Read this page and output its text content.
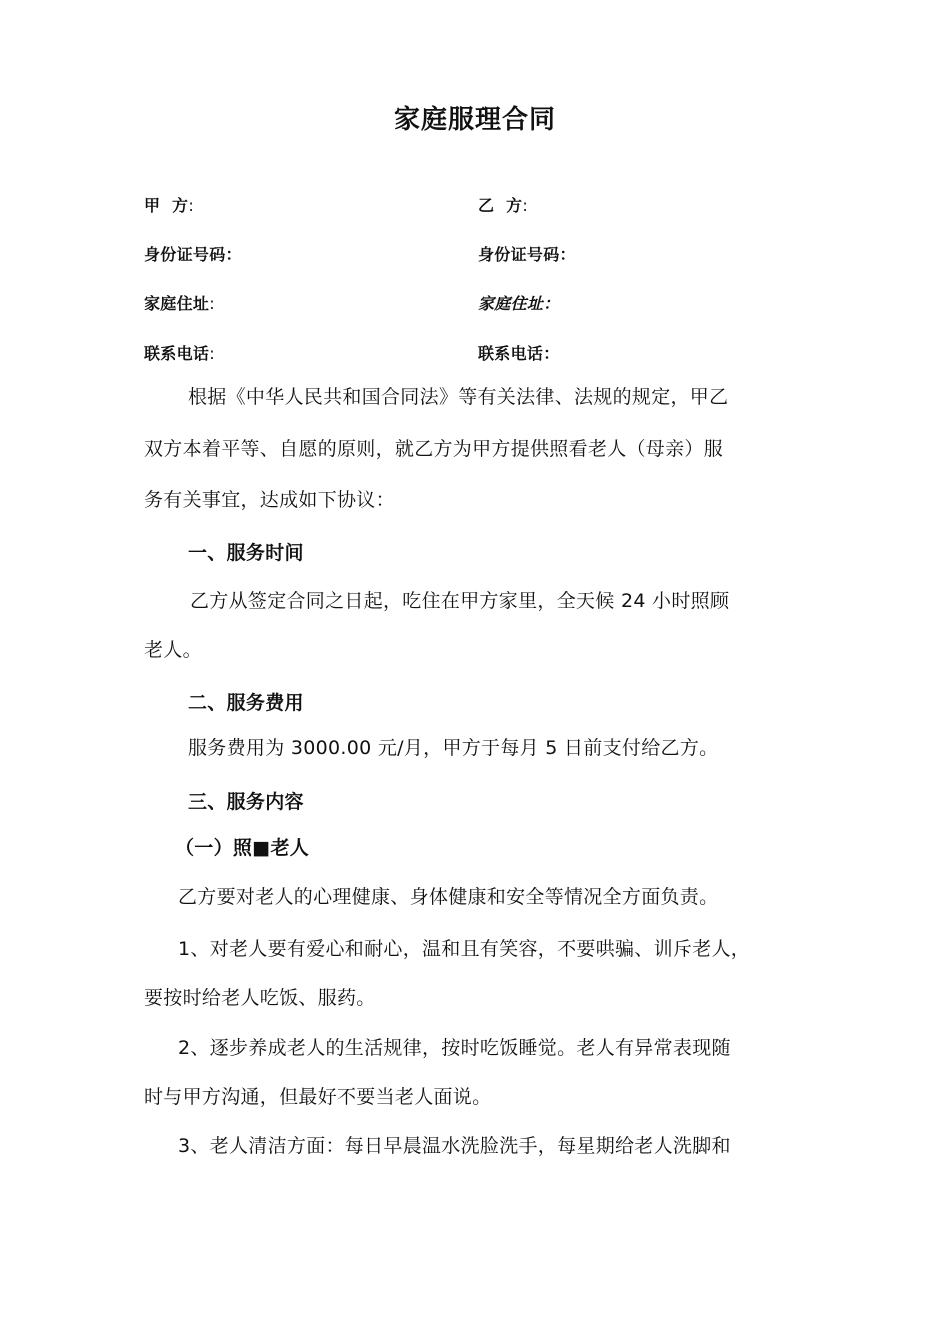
家庭服理合同
甲  方:
身份证号码：
家庭住址:
联系电话:
乙  方:
身份证号码：
家庭住址：
联系电话：
根据《中华人民共和国合同法》等有关法律、法规的规定，甲乙
双方本着平等、自愿的原则，就乙方为甲方提供照看老人（母亲）服
务有关事宜，达成如下协议：
一、服务时间
乙方从签定合同之日起，吃住在甲方家里，全天候 24 小时照顾
老人。
二、服务费用
服务费用为 3000.00 元/月，甲方于每月 5 日前支付给乙方。
三、服务内容
（一）照■老人
乙方要对老人的心理健康、身体健康和安全等情况全方面负责。
1、对老人要有爱心和耐心，温和且有笑容，不要哄骗、训斥老人，
要按时给老人吃饭、服药。
2、逐步养成老人的生活规律，按时吃饭睡觉。老人有异常表现随
时与甲方沟通，但最好不要当老人面说。
3、老人清洁方面：每日早晨温水洗脸洗手，每星期给老人洗脚和
